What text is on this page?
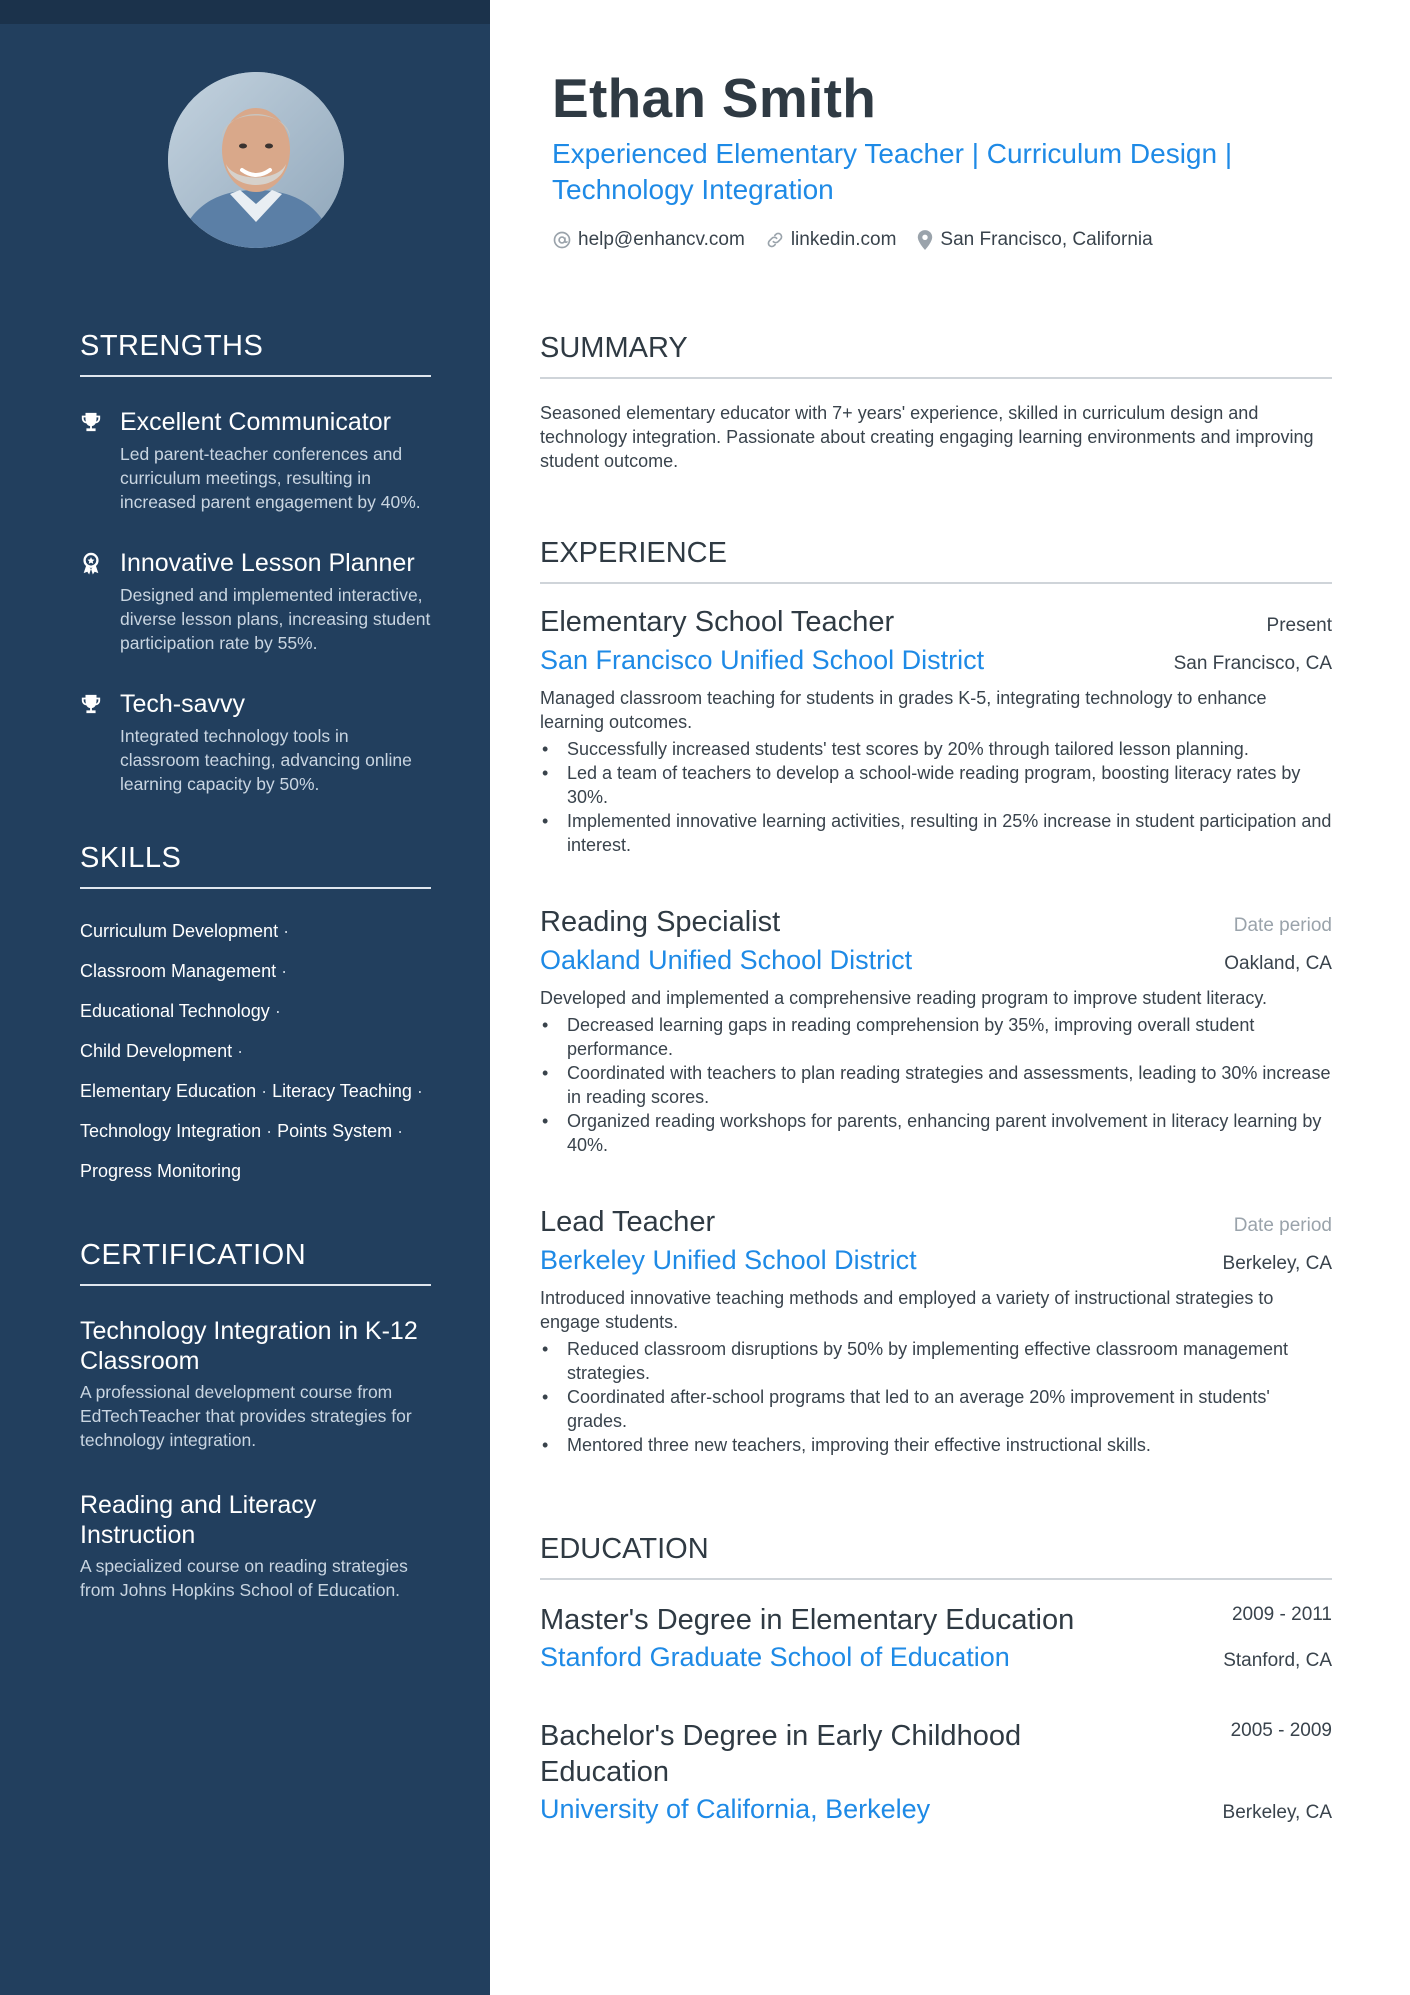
STRENGTHS
Excellent Communicator
Led parent-teacher conferences and curriculum meetings, resulting in increased parent engagement by 40%.
Innovative Lesson Planner
Designed and implemented interactive, diverse lesson plans, increasing student participation rate by 55%.
Tech-savvy
Integrated technology tools in classroom teaching, advancing online learning capacity by 50%.
SKILLS
Curriculum Development ·
Classroom Management ·
Educational Technology ·
Child Development ·
Elementary Education · Literacy Teaching ·
Technology Integration · Points System ·
Progress Monitoring
CERTIFICATION
Technology Integration in K-12 Classroom
A professional development course from EdTechTeacher that provides strategies for technology integration.
Reading and Literacy Instruction
A specialized course on reading strategies from Johns Hopkins School of Education.
Ethan Smith
Experienced Elementary Teacher | Curriculum Design | Technology Integration
help@enhancv.com linkedin.com San Francisco, California
SUMMARY
Seasoned elementary educator with 7+ years' experience, skilled in curriculum design and technology integration. Passionate about creating engaging learning environments and improving student outcome.
EXPERIENCE
Elementary School Teacher	Present
San Francisco Unified School District	San Francisco, CA
Managed classroom teaching for students in grades K-5, integrating technology to enhance learning outcomes.
• Successfully increased students' test scores by 20% through tailored lesson planning.
• Led a team of teachers to develop a school-wide reading program, boosting literacy rates by 30%.
• Implemented innovative learning activities, resulting in 25% increase in student participation and interest.
Reading Specialist	Date period
Oakland Unified School District	Oakland, CA
Developed and implemented a comprehensive reading program to improve student literacy.
• Decreased learning gaps in reading comprehension by 35%, improving overall student performance.
• Coordinated with teachers to plan reading strategies and assessments, leading to 30% increase in reading scores.
• Organized reading workshops for parents, enhancing parent involvement in literacy learning by 40%.
Lead Teacher	Date period
Berkeley Unified School District	Berkeley, CA
Introduced innovative teaching methods and employed a variety of instructional strategies to engage students.
• Reduced classroom disruptions by 50% by implementing effective classroom management strategies.
• Coordinated after-school programs that led to an average 20% improvement in students' grades.
• Mentored three new teachers, improving their effective instructional skills.
EDUCATION
Master's Degree in Elementary Education	2009 - 2011
Stanford Graduate School of Education	Stanford, CA
Bachelor's Degree in Early Childhood Education
2005 - 2009
University of California, Berkeley	Berkeley, CA
